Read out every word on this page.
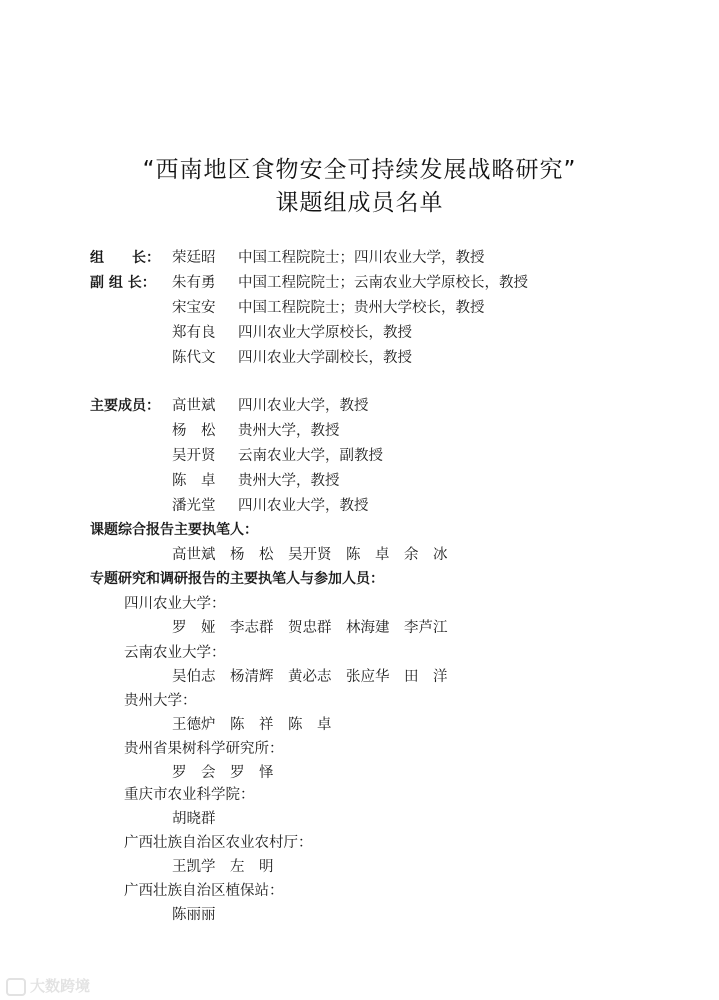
“西南地区食物安全可持续发展战略研究”
课题组成员名单
组　　长： 荣廷昭	中国工程院院士；四川农业大学，教授
副 组 长：	朱有勇	中国工程院院士；云南农业大学原校长，教授
宋宝安	中国工程院院士；贵州大学校长，教授
郑有良	四川农业大学原校长，教授
陈代文	四川农业大学副校长，教授
主要成员： 高世斌	四川农业大学，教授
杨　松	贵州大学，教授
吴开贤	云南农业大学，副教授
陈　卓	贵州大学，教授
潘光堂	四川农业大学，教授
课题综合报告主要执笔人：
高世斌　杨　松　吴开贤　陈　卓　余　冰
专题研究和调研报告的主要执笔人与参加人员：
四川农业大学：
罗　娅　李志群　贺忠群　林海建　李芦江
云南农业大学：
吴伯志　杨清辉　黄必志　张应华　田　洋
贵州大学：
王德炉　陈　祥　陈　卓
贵州省果树科学研究所：
罗　会　罗　怿
重庆市农业科学院：
胡晓群
广西壮族自治区农业农村厅：
王凯学　左　明
广西壮族自治区植保站：
陈丽丽
大数跨境
